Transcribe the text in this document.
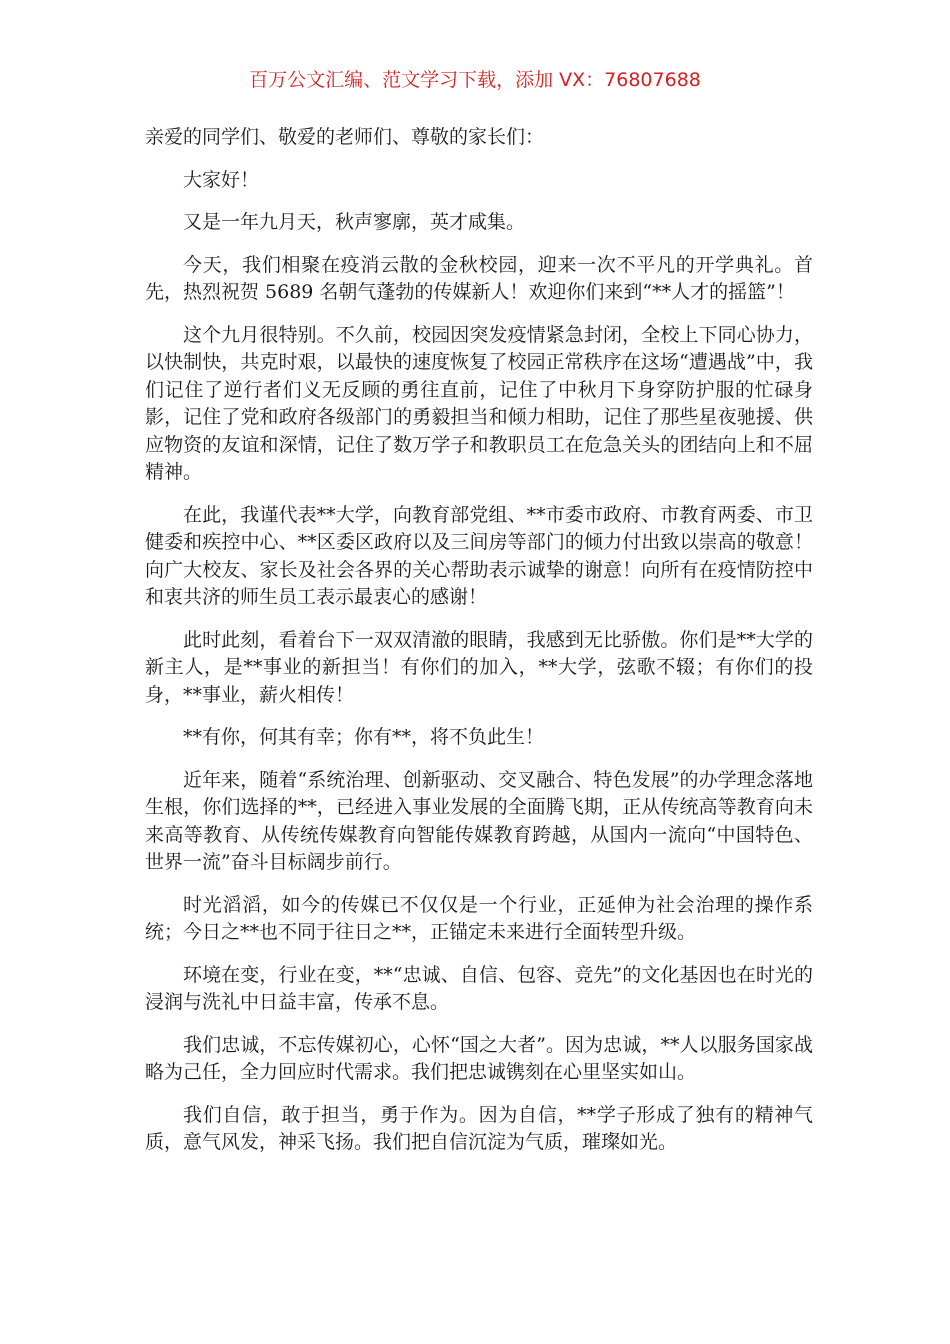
百万公文汇编、范文学习下载，添加 VX：76807688

亲爱的同学们、敬爱的老师们、尊敬的家长们：

大家好！

又是一年九月天，秋声寥廓，英才咸集。

今天，我们相聚在疫消云散的金秋校园，迎来一次不平凡的开学典礼。首先，热烈祝贺 5689 名朝气蓬勃的传媒新人！欢迎你们来到“**人才的摇篮”！

这个九月很特别。不久前，校园因突发疫情紧急封闭，全校上下同心协力，以快制快，共克时艰，以最快的速度恢复了校园正常秩序在这场“遭遇战”中，我们记住了逆行者们义无反顾的勇往直前，记住了中秋月下身穿防护服的忙碌身影，记住了党和政府各级部门的勇毅担当和倾力相助，记住了那些星夜驰援、供应物资的友谊和深情，记住了数万学子和教职员工在危急关头的团结向上和不屈精神。

在此，我谨代表**大学，向教育部党组、**市委市政府、市教育两委、市卫健委和疾控中心、**区委区政府以及三间房等部门的倾力付出致以崇高的敬意！向广大校友、家长及社会各界的关心帮助表示诚挚的谢意！向所有在疫情防控中和衷共济的师生员工表示最衷心的感谢！

此时此刻，看着台下一双双清澈的眼睛，我感到无比骄傲。你们是**大学的新主人，是**事业的新担当！有你们的加入，**大学，弦歌不辍；有你们的投身，**事业，薪火相传！

**有你，何其有幸；你有**，将不负此生！

近年来，随着“系统治理、创新驱动、交叉融合、特色发展”的办学理念落地生根，你们选择的**，已经进入事业发展的全面腾飞期，正从传统高等教育向未来高等教育、从传统传媒教育向智能传媒教育跨越，从国内一流向“中国特色、世界一流”奋斗目标阔步前行。

时光滔滔，如今的传媒已不仅仅是一个行业，正延伸为社会治理的操作系统；今日之**也不同于往日之**，正锚定未来进行全面转型升级。

环境在变，行业在变，**“忠诚、自信、包容、竞先”的文化基因也在时光的浸润与洗礼中日益丰富，传承不息。

我们忠诚，不忘传媒初心，心怀“国之大者”。因为忠诚，**人以服务国家战略为己任，全力回应时代需求。我们把忠诚镌刻在心里坚实如山。

我们自信，敢于担当，勇于作为。因为自信，**学子形成了独有的精神气质，意气风发，神采飞扬。我们把自信沉淀为气质，璀璨如光。
